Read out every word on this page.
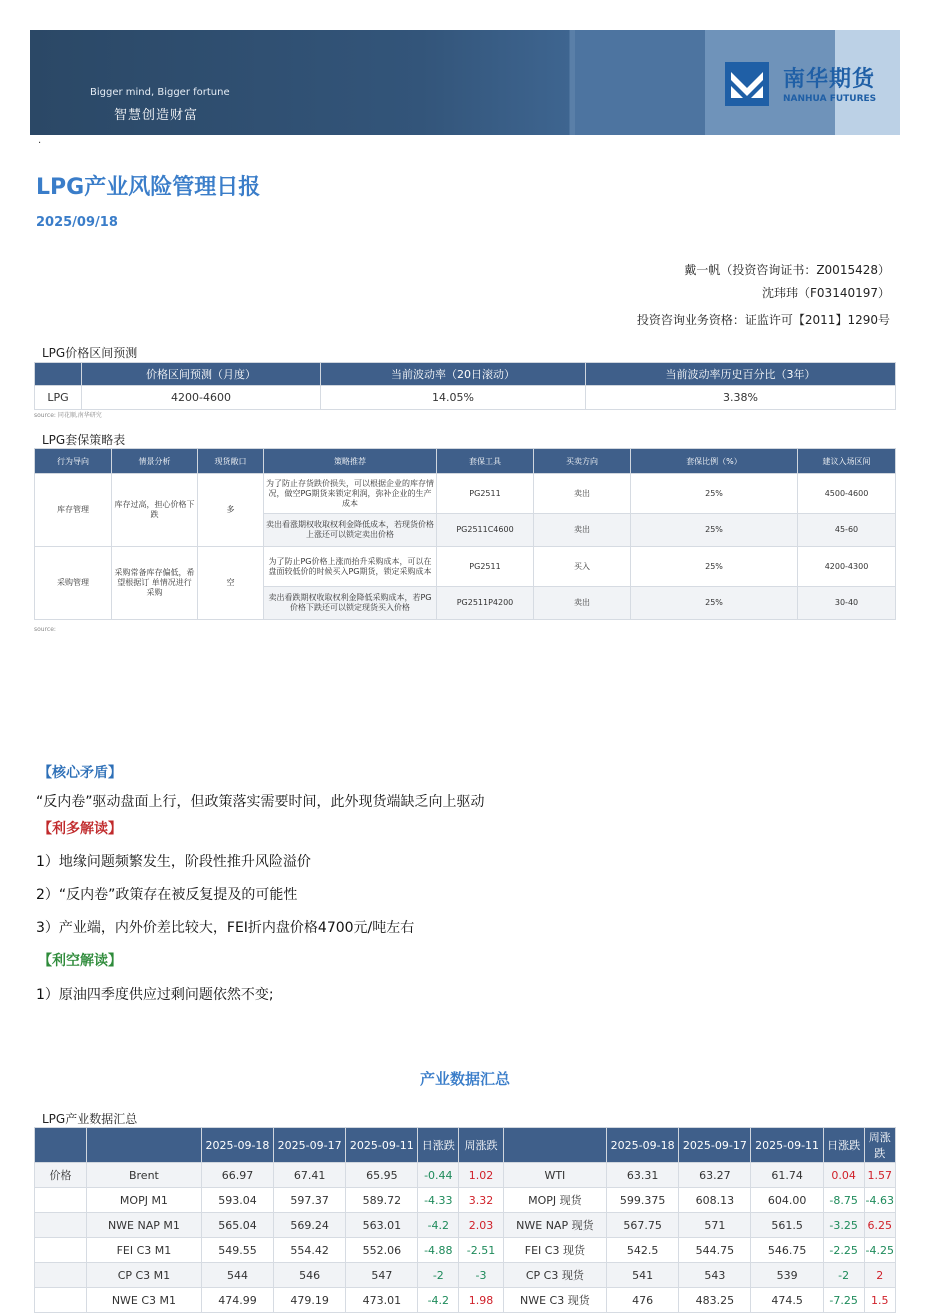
Bigger mind, Bigger fortune
智慧创造财富
南华期货
NANHUA FUTURES
·
LPG产业风险管理日报
2025/09/18
戴一帆（投资咨询证书：Z0015428）
沈玮玮（F03140197）
投资咨询业务资格：证监许可【2011】1290号
LPG价格区间预测
	价格区间预测（月度）	当前波动率（20日滚动）	当前波动率历史百分比（3年）
LPG	4200-4600	14.05%	3.38%
source: 同花顺,南华研究
LPG套保策略表
行为导向	情景分析	现货敞口	策略推荐	套保工具	买卖方向	套保比例（%）	建议入场区间
库存管理	库存过高，担心价格下跌	多	为了防止存货跌价损失，可以根据企业的库存情况，做空PG期货来锁定利润，弥补企业的生产成本	PG2511	卖出	25%	4500-4600
			卖出看涨期权收取权利金降低成本，若现货价格上涨还可以锁定卖出价格	PG2511C4600	卖出	25%	45-60
采购管理	采购常备库存偏低，希望根据订 单情况进行采购	空	为了防止PG价格上涨而抬升采购成本，可以在盘面较低价的时候买入PG期货，锁定采购成本	PG2511	买入	25%	4200-4300
			卖出看跌期权收取权利金降低采购成本，若PG价格下跌还可以锁定现货买入价格	PG2511P4200	卖出	25%	30-40
source:
【核心矛盾】
“反内卷”驱动盘面上行，但政策落实需要时间，此外现货端缺乏向上驱动
【利多解读】
1）地缘问题频繁发生，阶段性推升风险溢价
2）“反内卷”政策存在被反复提及的可能性
3）产业端，内外价差比较大，FEI折内盘价格4700元/吨左右
【利空解读】
1）原油四季度供应过剩问题依然不变;
产业数据汇总
LPG产业数据汇总
		2025-09-18	2025-09-17	2025-09-11	日涨跌	周涨跌		2025-09-18	2025-09-17	2025-09-11	日涨跌	周涨跌
价格	Brent	66.97	67.41	65.95	-0.44	1.02	WTI	63.31	63.27	61.74	0.04	1.57
	MOPJ M1	593.04	597.37	589.72	-4.33	3.32	MOPJ 现货	599.375	608.13	604.00	-8.75	-4.63
	NWE NAP M1	565.04	569.24	563.01	-4.2	2.03	NWE NAP 现货	567.75	571	561.5	-3.25	6.25
	FEI C3 M1	549.55	554.42	552.06	-4.88	-2.51	FEI C3 现货	542.5	544.75	546.75	-2.25	-4.25
	CP C3 M1	544	546	547	-2	-3	CP C3 现货	541	543	539	-2	2
	NWE C3 M1	474.99	479.19	473.01	-4.2	1.98	NWE C3 现货	476	483.25	474.5	-7.25	1.5
